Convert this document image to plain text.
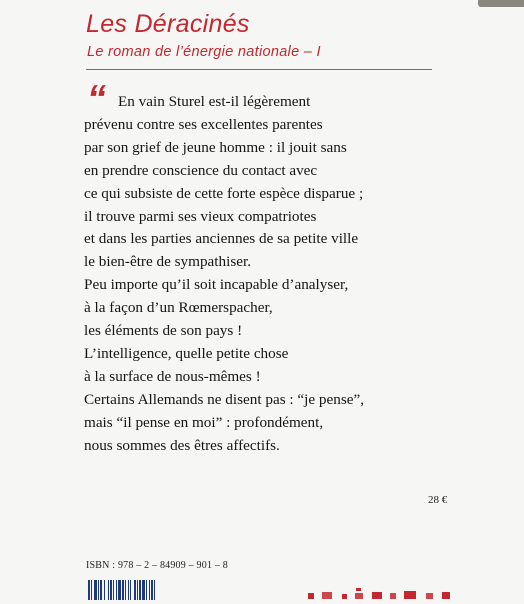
Les Déracinés
Le roman de l’énergie nationale – I
“ En vain Sturel est-il légèrement
prévenu contre ses excellentes parentes
par son grief de jeune homme : il jouit sans
en prendre conscience du contact avec
ce qui subsiste de cette forte espèce disparue ;
il trouve parmi ses vieux compatriotes
et dans les parties anciennes de sa petite ville
le bien-être de sympathiser.
Peu importe qu’il soit incapable d’analyser,
à la façon d’un Rœmerspacher,
les éléments de son pays !
L’intelligence, quelle petite chose
à la surface de nous-mêmes !
Certains Allemands ne disent pas : “je pense”,
mais “il pense en moi” : profondément,
nous sommes des êtres affectifs.
28 €
ISBN : 978 – 2 – 84909 – 901 – 8
